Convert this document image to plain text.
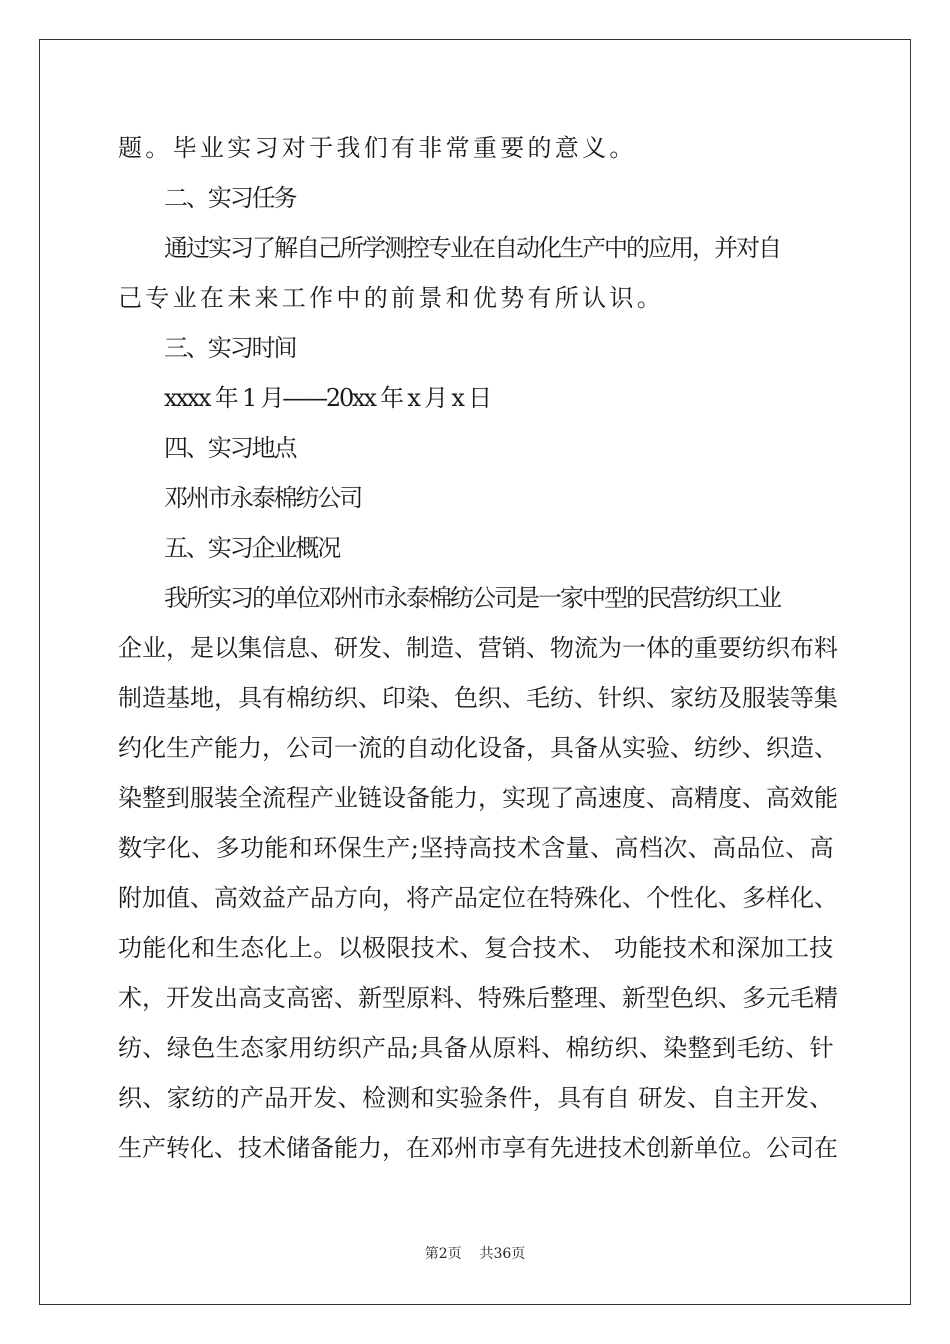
题。毕业实习对于我们有非常重要的意义。
二、实习任务
通过实习了解自己所学测控专业在自动化生产中的应用，并对自
己专业在未来工作中的前景和优势有所认识。
三、实习时间
xxxx 年 1 月——20xx 年 x 月 x 日
四、实习地点
邓州市永泰棉纺公司
五、实习企业概况
我所实习的单位邓州市永泰棉纺公司是一家中型的民营纺织工业
企业，是以集信息、研发、制造、营销、物流为一体的重要纺织布料
制造基地，具有棉纺织、印染、色织、毛纺、针织、家纺及服装等集
约化生产能力，公司一流的自动化设备，具备从实验、纺纱、织造、
染整到服装全流程产业链设备能力，实现了高速度、高精度、高效能
数字化、多功能和环保生产;坚持高技术含量、高档次、高品位、高
附加值、高效益产品方向，将产品定位在特殊化、个性化、多样化、
功能化和生态化上。以极限技术、复合技术、 功能技术和深加工技
术，开发出高支高密、新型原料、特殊后整理、新型色织、多元毛精
纺、绿色生态家用纺织产品;具备从原料、棉纺织、染整到毛纺、针
织、家纺的产品开发、检测和实验条件，具有自 研发、自主开发、
生产转化、技术储备能力，在邓州市享有先进技术创新单位。公司在
第2页    共36页
